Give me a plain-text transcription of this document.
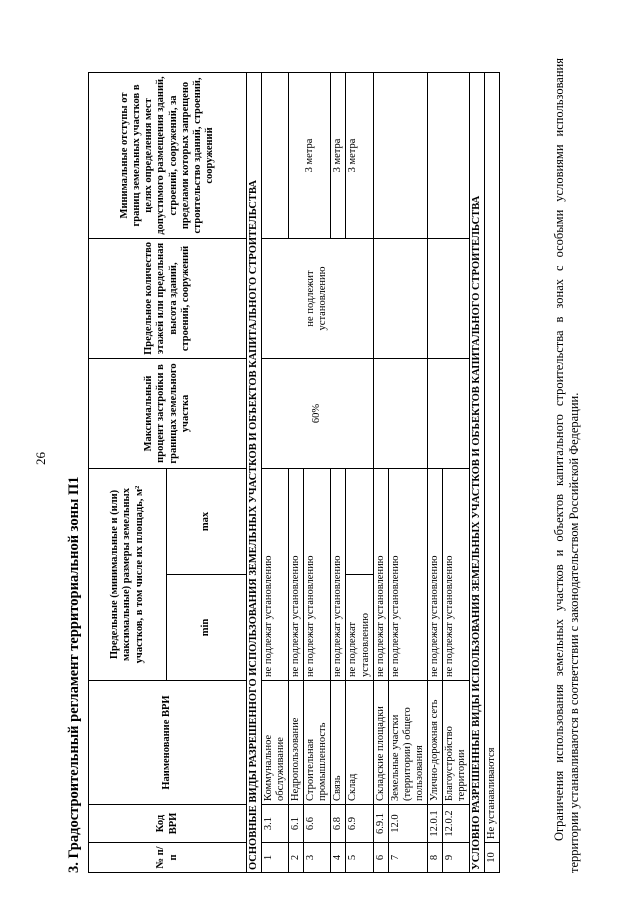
26
3. Градостроительный регламент территориальной зоны П1	№ п/п	Код ВРИ	Наименование ВРИ	Предельные (минимальные и (или) максимальные) размеры земельных участков, в том числе их площадь, м²		Максимальный процент застройки в границах земельного участка	Предельное количество этажей или предельная высота зданий, строений, сооружений	Минимальные отступы от границ земельных участков в целях определения мест допустимого размещения зданий, строений, сооружений, за пределами которых запрещено строительство зданий, строений, сооружений
			min	max			
ОСНОВНЫЕ ВИДЫ РАЗРЕШЕННОГО ИСПОЛЬЗОВАНИЯ ЗЕМЕЛЬНЫХ УЧАСТКОВ И ОБЪЕКТОВ КАПИТАЛЬНОГО СТРОИТЕЛЬСТВА							
1	3.1	Коммунальное обслуживание	не подлежат установлению		60%	не подлежит установлению	
2	6.1	Недропользование	не подлежат установлению				3 метра
3	6.6	Строительная промышленность	не подлежат установлению				
4	6.8	Связь	не подлежат установлению				3 метра
5	6.9	Склад	не подлежат установлению				3 метра
6	6.9.1	Складские площадки	не подлежат установлению				
7	12.0	Земельные участки (территории) общего пользования	не подлежат установлению				
8	12.0.1	Улично-дорожная сеть	не подлежат установлению				
9	12.0.2	Благоустройство территории	не подлежат установлению				
УСЛОВНО РАЗРЕШЕННЫЕ ВИДЫ ИСПОЛЬЗОВАНИЯ ЗЕМЕЛЬНЫХ УЧАСТКОВ И ОБЪЕКТОВ КАПИТАЛЬНОГО СТРОИТЕЛЬСТВА							
10	Не устанавливаются							Ограничения использования земельных участков и объектов капитального строительства в зонах с особыми условиями использования территории устанавливаются в соответствии с законодательством Российской Федерации.
